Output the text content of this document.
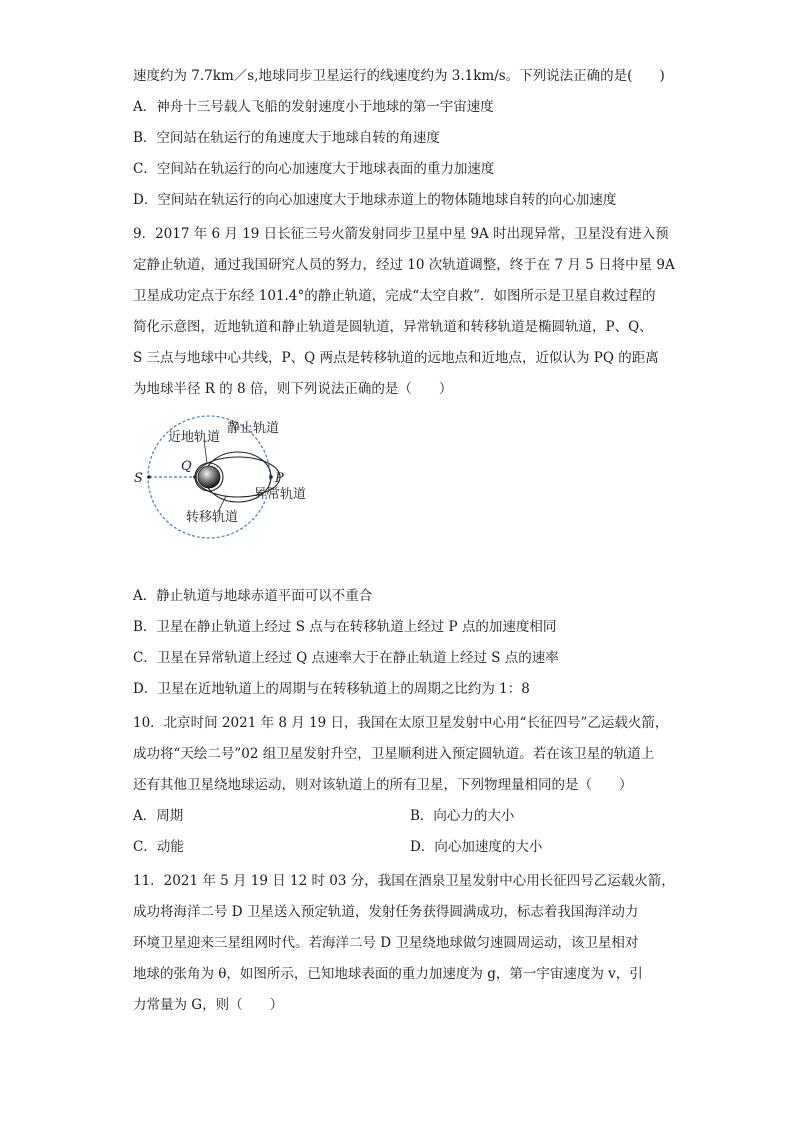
速度约为 7.7km／s,地球同步卫星运行的线速度约为 3.1km/s。下列说法正确的是(　　)
A．神舟十三号载人飞船的发射速度小于地球的第一宇宙速度
B．空间站在轨运行的角速度大于地球自转的角速度
C．空间站在轨运行的向心加速度大于地球表面的重力加速度
D．空间站在轨运行的向心加速度大于地球赤道上的物体随地球自转的向心加速度
9．2017 年 6 月 19 日长征三号火箭发射同步卫星中星 9A 时出现异常，卫星没有进入预
定静止轨道，通过我国研究人员的努力，经过 10 次轨道调整，终于在 7 月 5 日将中星 9A
卫星成功定点于东经 101.4°的静止轨道，完成“太空自救”．如图所示是卫星自救过程的
简化示意图，近地轨道和静止轨道是圆轨道，异常轨道和转移轨道是椭圆轨道，P、Q、
S 三点与地球中心共线，P、Q 两点是转移轨道的远地点和近地点，近似认为 PQ 的距离
为地球半径 R 的 8 倍，则下列说法正确的是（　　）
近地轨道
静止轨道
异常轨道
转移轨道
S
Q
P
A．静止轨道与地球赤道平面可以不重合
B．卫星在静止轨道上经过 S 点与在转移轨道上经过 P 点的加速度相同
C．卫星在异常轨道上经过 Q 点速率大于在静止轨道上经过 S 点的速率
D．卫星在近地轨道上的周期与在转移轨道上的周期之比约为 1：8
10．北京时间 2021 年 8 月 19 日，我国在太原卫星发射中心用“长征四号”乙运载火箭，
成功将“天绘二号”02 组卫星发射升空，卫星顺利进入预定圆轨道。若在该卫星的轨道上
还有其他卫星绕地球运动，则对该轨道上的所有卫星，下列物理量相同的是（　　）
A．周期	B．向心力的大小
C．动能	D．向心加速度的大小
11．2021 年 5 月 19 日 12 时 03 分，我国在酒泉卫星发射中心用长征四号乙运载火箭，
成功将海洋二号 D 卫星送入预定轨道，发射任务获得圆满成功，标志着我国海洋动力
环境卫星迎来三星组网时代。若海洋二号 D 卫星绕地球做匀速圆周运动，该卫星相对
地球的张角为 θ，如图所示，已知地球表面的重力加速度为 g，第一宇宙速度为 v，引
力常量为 G，则（　　）
